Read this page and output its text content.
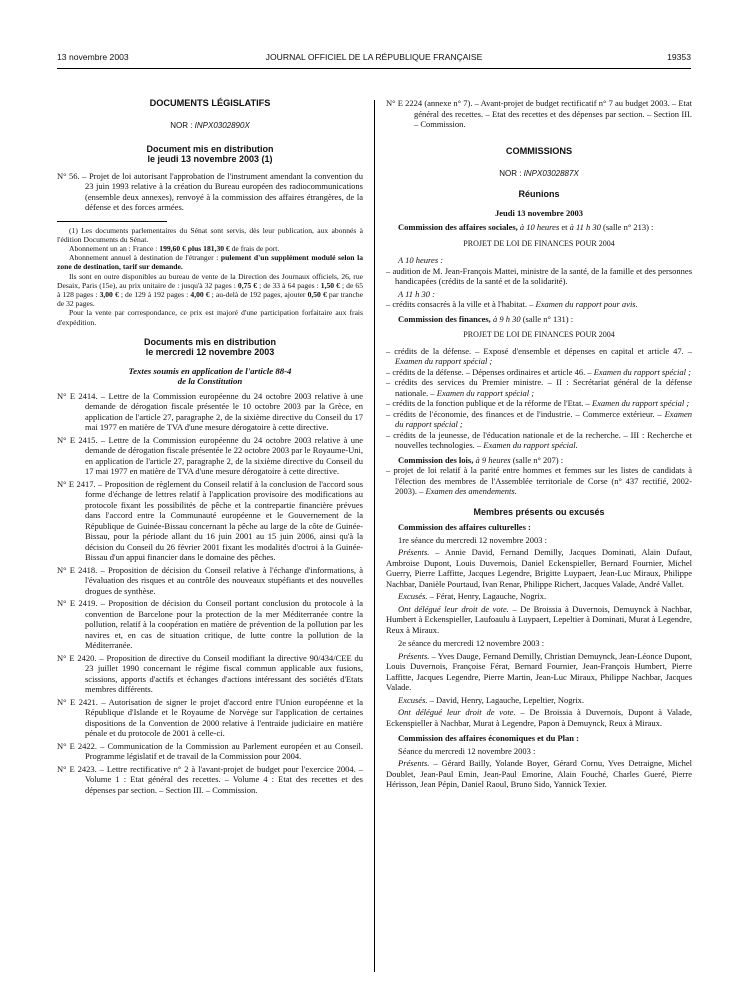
13 novembre 2003	JOURNAL OFFICIEL DE LA RÉPUBLIQUE FRANÇAISE	19353

DOCUMENTS LÉGISLATIFS

NOR : INPX0302890X

Document mis en distribution

le jeudi 13 novembre 2003 (1)

N° 56. – Projet de loi autorisant l'approbation de l'instrument amendant la convention du 23 juin 1993 relative à la création du Bureau européen des radiocommunications (ensemble deux annexes), renvoyé à la commission des affaires étrangères, de la défense et des forces armées.

(1) Les documents parlementaires du Sénat sont servis, dès leur publication, aux abonnés à l'édition Documents du Sénat.

Abonnement un an : France : 199,60 € plus 181,30 € de frais de port.

Abonnement annuel à destination de l'étranger : pulement d'un supplément modulé selon la zone de destination, tarif sur demande.

Ils sont en outre disponibles au bureau de vente de la Direction des Journaux officiels, 26, rue Desaix, Paris (15e), au prix unitaire de : jusqu'à 32 pages : 0,75 € ; de 33 à 64 pages : 1,50 € ; de 65 à 128 pages : 3,00 € ; de 129 à 192 pages : 4,00 € ; au-delà de 192 pages, ajouter 0,50 € par tranche de 32 pages.

Pour la vente par correspondance, ce prix est majoré d'une participation forfaitaire aux frais d'expédition.

Documents mis en distribution

le mercredi 12 novembre 2003

Textes soumis en application de l'article 88-4

de la Constitution

N° E 2414. – Lettre de la Commission européenne du 24 octobre 2003 relative à une demande de dérogation fiscale présentée le 10 octobre 2003 par la Grèce, en application de l'article 27, paragraphe 2, de la sixième directive du Conseil du 17 mai 1977 en matière de TVA d'une mesure dérogatoire à cette directive.

N° E 2415. – Lettre de la Commission européenne du 24 octobre 2003 relative à une demande de dérogation fiscale présentée le 22 octobre 2003 par le Royaume-Uni, en application de l'article 27, paragraphe 2, de la sixième directive du Conseil du 17 mai 1977 en matière de TVA d'une mesure dérogatoire à cette directive.

N° E 2417. – Proposition de règlement du Conseil relatif à la conclusion de l'accord sous forme d'échange de lettres relatif à l'application provisoire des modifications au protocole fixant les possibilités de pêche et la contrepartie financière prévues dans l'accord entre la Communauté européenne et le Gouvernement de la République de Guinée-Bissau concernant la pêche au large de la côte de Guinée-Bissau, pour la période allant du 16 juin 2001 au 15 juin 2006, ainsi qu'à la décision du Conseil du 26 février 2001 fixant les modalités d'octroi à la Guinée-Bissau d'un appui financier dans le domaine des pêches.

N° E 2418. – Proposition de décision du Conseil relative à l'échange d'informations, à l'évaluation des risques et au contrôle des nouveaux stupéfiants et des nouvelles drogues de synthèse.

N° E 2419. – Proposition de décision du Conseil portant conclusion du protocole à la convention de Barcelone pour la protection de la mer Méditerranée contre la pollution, relatif à la coopération en matière de prévention de la pollution par les navires et, en cas de situation critique, de lutte contre la pollution de la Méditerranée.

N° E 2420. – Proposition de directive du Conseil modifiant la directive 90/434/CEE du 23 juillet 1990 concernant le régime fiscal commun applicable aux fusions, scissions, apports d'actifs et échanges d'actions intéressant des sociétés d'Etats membres différents.

N° E 2421. – Autorisation de signer le projet d'accord entre l'Union européenne et la République d'Islande et le Royaume de Norvège sur l'application de certaines dispositions de la Convention de 2000 relative à l'entraide judiciaire en matière pénale et du protocole de 2001 à celle-ci.

N° E 2422. – Communication de la Commission au Parlement européen et au Conseil. Programme législatif et de travail de la Commission pour 2004.

N° E 2423. – Lettre rectificative n° 2 à l'avant-projet de budget pour l'exercice 2004. – Volume 1 : Etat général des recettes. – Volume 4 : Etat des recettes et des dépenses par section. – Section III. – Commission.

N° E 2224 (annexe n° 7). – Avant-projet de budget rectificatif n° 7 au budget 2003. – Etat général des recettes. – Etat des recettes et des dépenses par section. – Section III. – Commission.

COMMISSIONS

NOR : INPX0302887X

Réunions

Jeudi 13 novembre 2003

Commission des affaires sociales, à 10 heures et à 11 h 30 (salle n° 213) :

PROJET DE LOI DE FINANCES POUR 2004

A 10 heures :

– audition de M. Jean-François Mattei, ministre de la santé, de la famille et des personnes handicapées (crédits de la santé et de la solidarité).

A 11 h 30 :

– crédits consacrés à la ville et à l'habitat. – Examen du rapport pour avis.

Commission des finances, à 9 h 30 (salle n° 131) :

PROJET DE LOI DE FINANCES POUR 2004

– crédits de la défense. – Exposé d'ensemble et dépenses en capital et article 47. – Examen du rapport spécial ;

– crédits de la défense. – Dépenses ordinaires et article 46. – Examen du rapport spécial ;

– crédits des services du Premier ministre. – II : Secrétariat général de la défense nationale. – Examen du rapport spécial ;

– crédits de la fonction publique et de la réforme de l'Etat. – Examen du rapport spécial ;

– crédits de l'économie, des finances et de l'industrie. – Commerce extérieur. – Examen du rapport spécial ;

– crédits de la jeunesse, de l'éducation nationale et de la recherche. – III : Recherche et nouvelles technologies. – Examen du rapport spécial.

Commission des lois, à 9 heures (salle n° 207) :

– projet de loi relatif à la parité entre hommes et femmes sur les listes de candidats à l'élection des membres de l'Assemblée territoriale de Corse (n° 437 rectifié, 2002-2003). – Examen des amendements.

Membres présents ou excusés

Commission des affaires culturelles :

1re séance du mercredi 12 novembre 2003 :

Présents. – Annie David, Fernand Demilly, Jacques Dominati, Alain Dufaut, Ambroise Dupont, Louis Duvernois, Daniel Eckenspieller, Bernard Fournier, Michel Guerry, Pierre Laffitte, Jacques Legendre, Brigitte Luypaert, Jean-Luc Miraux, Philippe Nachbar, Danièle Pourtaud, Ivan Renar, Philippe Richert, Jacques Valade, André Vallet.

Excusés. – Férat, Henry, Lagauche, Nogrix.

Ont délégué leur droit de vote. – De Broissia à Duvernois, Demuynck à Nachbar, Humbert à Eckenspieller, Laufoaulu à Luypaert, Lepeltier à Dominati, Murat à Legendre, Reux à Miraux.

2e séance du mercredi 12 novembre 2003 :

Présents. – Yves Dauge, Fernand Demilly, Christian Demuynck, Jean-Léonce Dupont, Louis Duvernois, Françoise Férat, Bernard Fournier, Jean-François Humbert, Pierre Laffitte, Jacques Legendre, Pierre Martin, Jean-Luc Miraux, Philippe Nachbar, Jacques Valade.

Excusés. – David, Henry, Lagauche, Lepeltier, Nogrix.

Ont délégué leur droit de vote. – De Broissia à Duvernois, Dupont à Valade, Eckenspieller à Nachbar, Murat à Legendre, Papon à Demuynck, Reux à Miraux.

Commission des affaires économiques et du Plan :

Séance du mercredi 12 novembre 2003 :

Présents. – Gérard Bailly, Yolande Boyer, Gérard Cornu, Yves Detraigne, Michel Doublet, Jean-Paul Emin, Jean-Paul Emorine, Alain Fouché, Charles Gueré, Pierre Hérisson, Jean Pépin, Daniel Raoul, Bruno Sido, Yannick Texier.
